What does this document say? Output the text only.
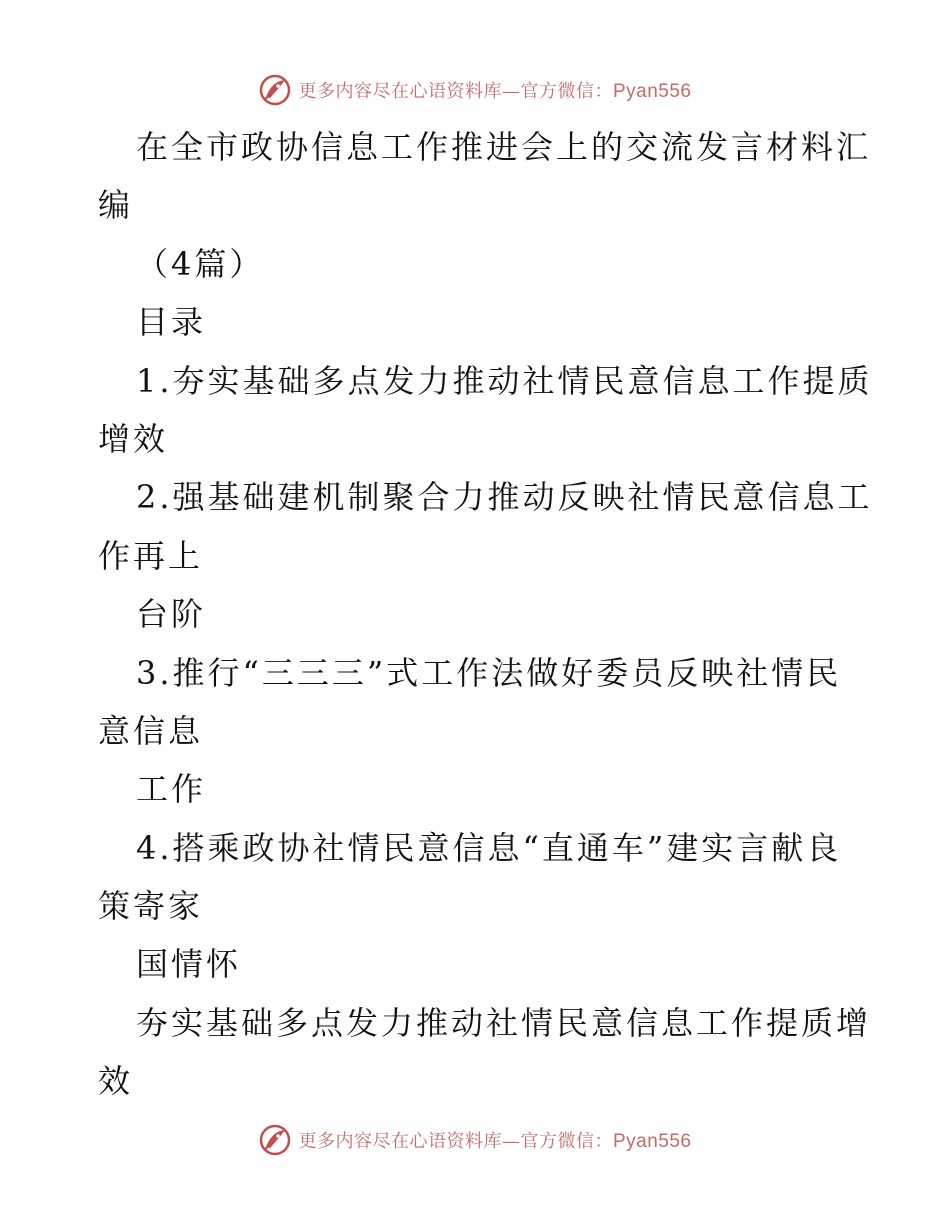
更多内容尽在心语资料库—官方微信：Pyan556
在全市政协信息工作推进会上的交流发言材料汇
编
（4篇）
目录
1.夯实基础多点发力推动社情民意信息工作提质
增效
2.强基础建机制聚合力推动反映社情民意信息工
作再上
台阶
3.推行“三三三”式工作法做好委员反映社情民
意信息
工作
4.搭乘政协社情民意信息“直通车”建实言献良
策寄家
国情怀
夯实基础多点发力推动社情民意信息工作提质增
效
更多内容尽在心语资料库—官方微信：Pyan556
